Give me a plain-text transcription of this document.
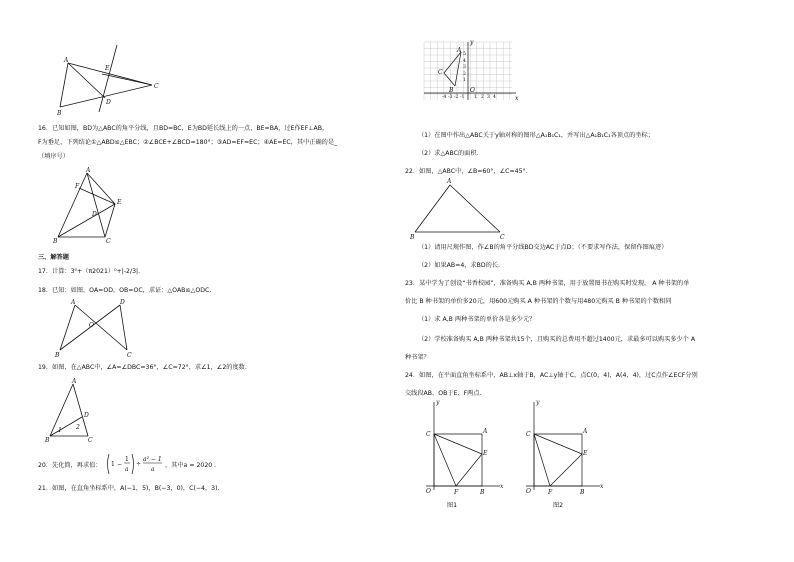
A
E
C
B
D
16．已知如图，BD为△ABC的角平分线，且BD=BC，E为BD延长线上的一点，BE=BA，过E作EF⊥AB，
F为垂足，下列结论①△ABD≌△EBC；②∠BCE+∠BCD=180°；③AD=EF=EC；④AE=EC，其中正确的是_
（填序号）
F
A
E
D
B	C
三、解答题
17．计算：3⁰+（π2021）⁰+|-2/3|.
18．已知：如图，OA=OD，OB=OC，求证：△OAB≌△ODC.
A	D
O
B	C
19．如图，在△ABC中，∠A=∠DBC=36°，∠C=72°，求∠1，∠2的度数.
A
D
1 2
B	C
20．先化简，再求值： 1 −
1
a
÷
a² − 1
a
，其中a = 2020 .
21．如图，在直角坐标系中，A(−1，5)，B(−3，0)，C(−4，3).
y
A
C
B	O
x
-4 -3 -2 -1 1 2 3 4
5
4
3
2
1
（1）在图中作出△ABC关于y轴对称的图形△A₁B₁C₁，并写出△A₁B₁C₁各顶点的坐标；
（2）求△ABC的面积.
22．如图，△ABC中，∠B=60°，∠C=45°.
A
B	C
（1）请用尺规作图，作∠B的角平分线BD交边AC于点D；（不要求写作法，保留作图痕迹）
（2）如果AB=4，求BD的长.
23．某中学为了创设“书香校园”，准备购买 A,B 两种书架，用于放置图书在购买时发现， A 种书架的单
价比 B 种书架的单价多20元，用600元购买 A 种书架的个数与用480元购买 B 种书架的个数相同
（1）求 A,B 两种书架的单价各是多少元？
（2）学校准备购买 A,B 两种书架共15个，且购买的总费用不超过1400元，求最多可以购买多少个 A
种书架？
24．如图，在平面直角坐标系中，AB⊥x轴于B，AC⊥y轴于C，点C(0，4)，A(4，4)，过C点作∠ECF分别
交线段AB、OB于E、F两点.
y
C	A
E
O	F	B
x
图1
y
C	A
E
O	F	B
x
图2
